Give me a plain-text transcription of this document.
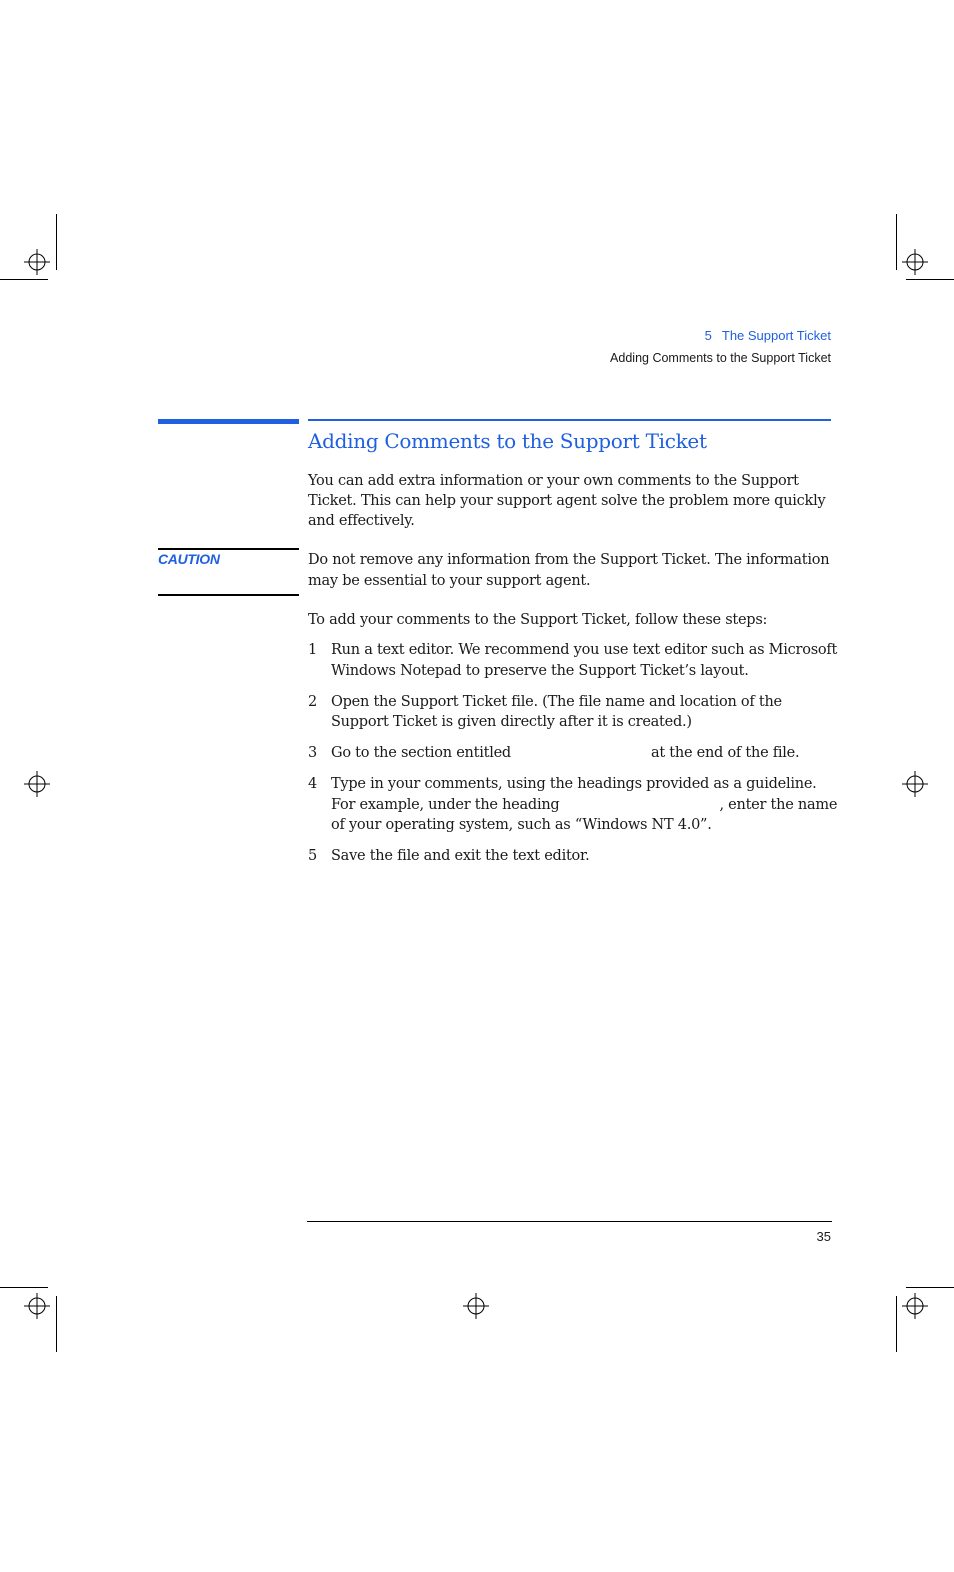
5 The Support Ticket
Adding Comments to the Support Ticket
Adding Comments to the Support Ticket

You can add extra information or your own comments to the Support Ticket. This can help your support agent solve the problem more quickly and effectively.

CAUTION	Do not remove any information from the Support Ticket. The information may be essential to your support agent.

To add your comments to the Support Ticket, follow these steps:

1 Run a text editor. We recommend you use text editor such as Microsoft Windows Notepad to preserve the Support Ticket’s layout.
2 Open the Support Ticket file. (The file name and location of the Support Ticket is given directly after it is created.)
3 Go to the section entitled	at the end of the file.
4 Type in your comments, using the headings provided as a guideline.
For example, under the heading	, enter the name of your operating system, such as “Windows NT 4.0”.
5 Save the file and exit the text editor.
35
